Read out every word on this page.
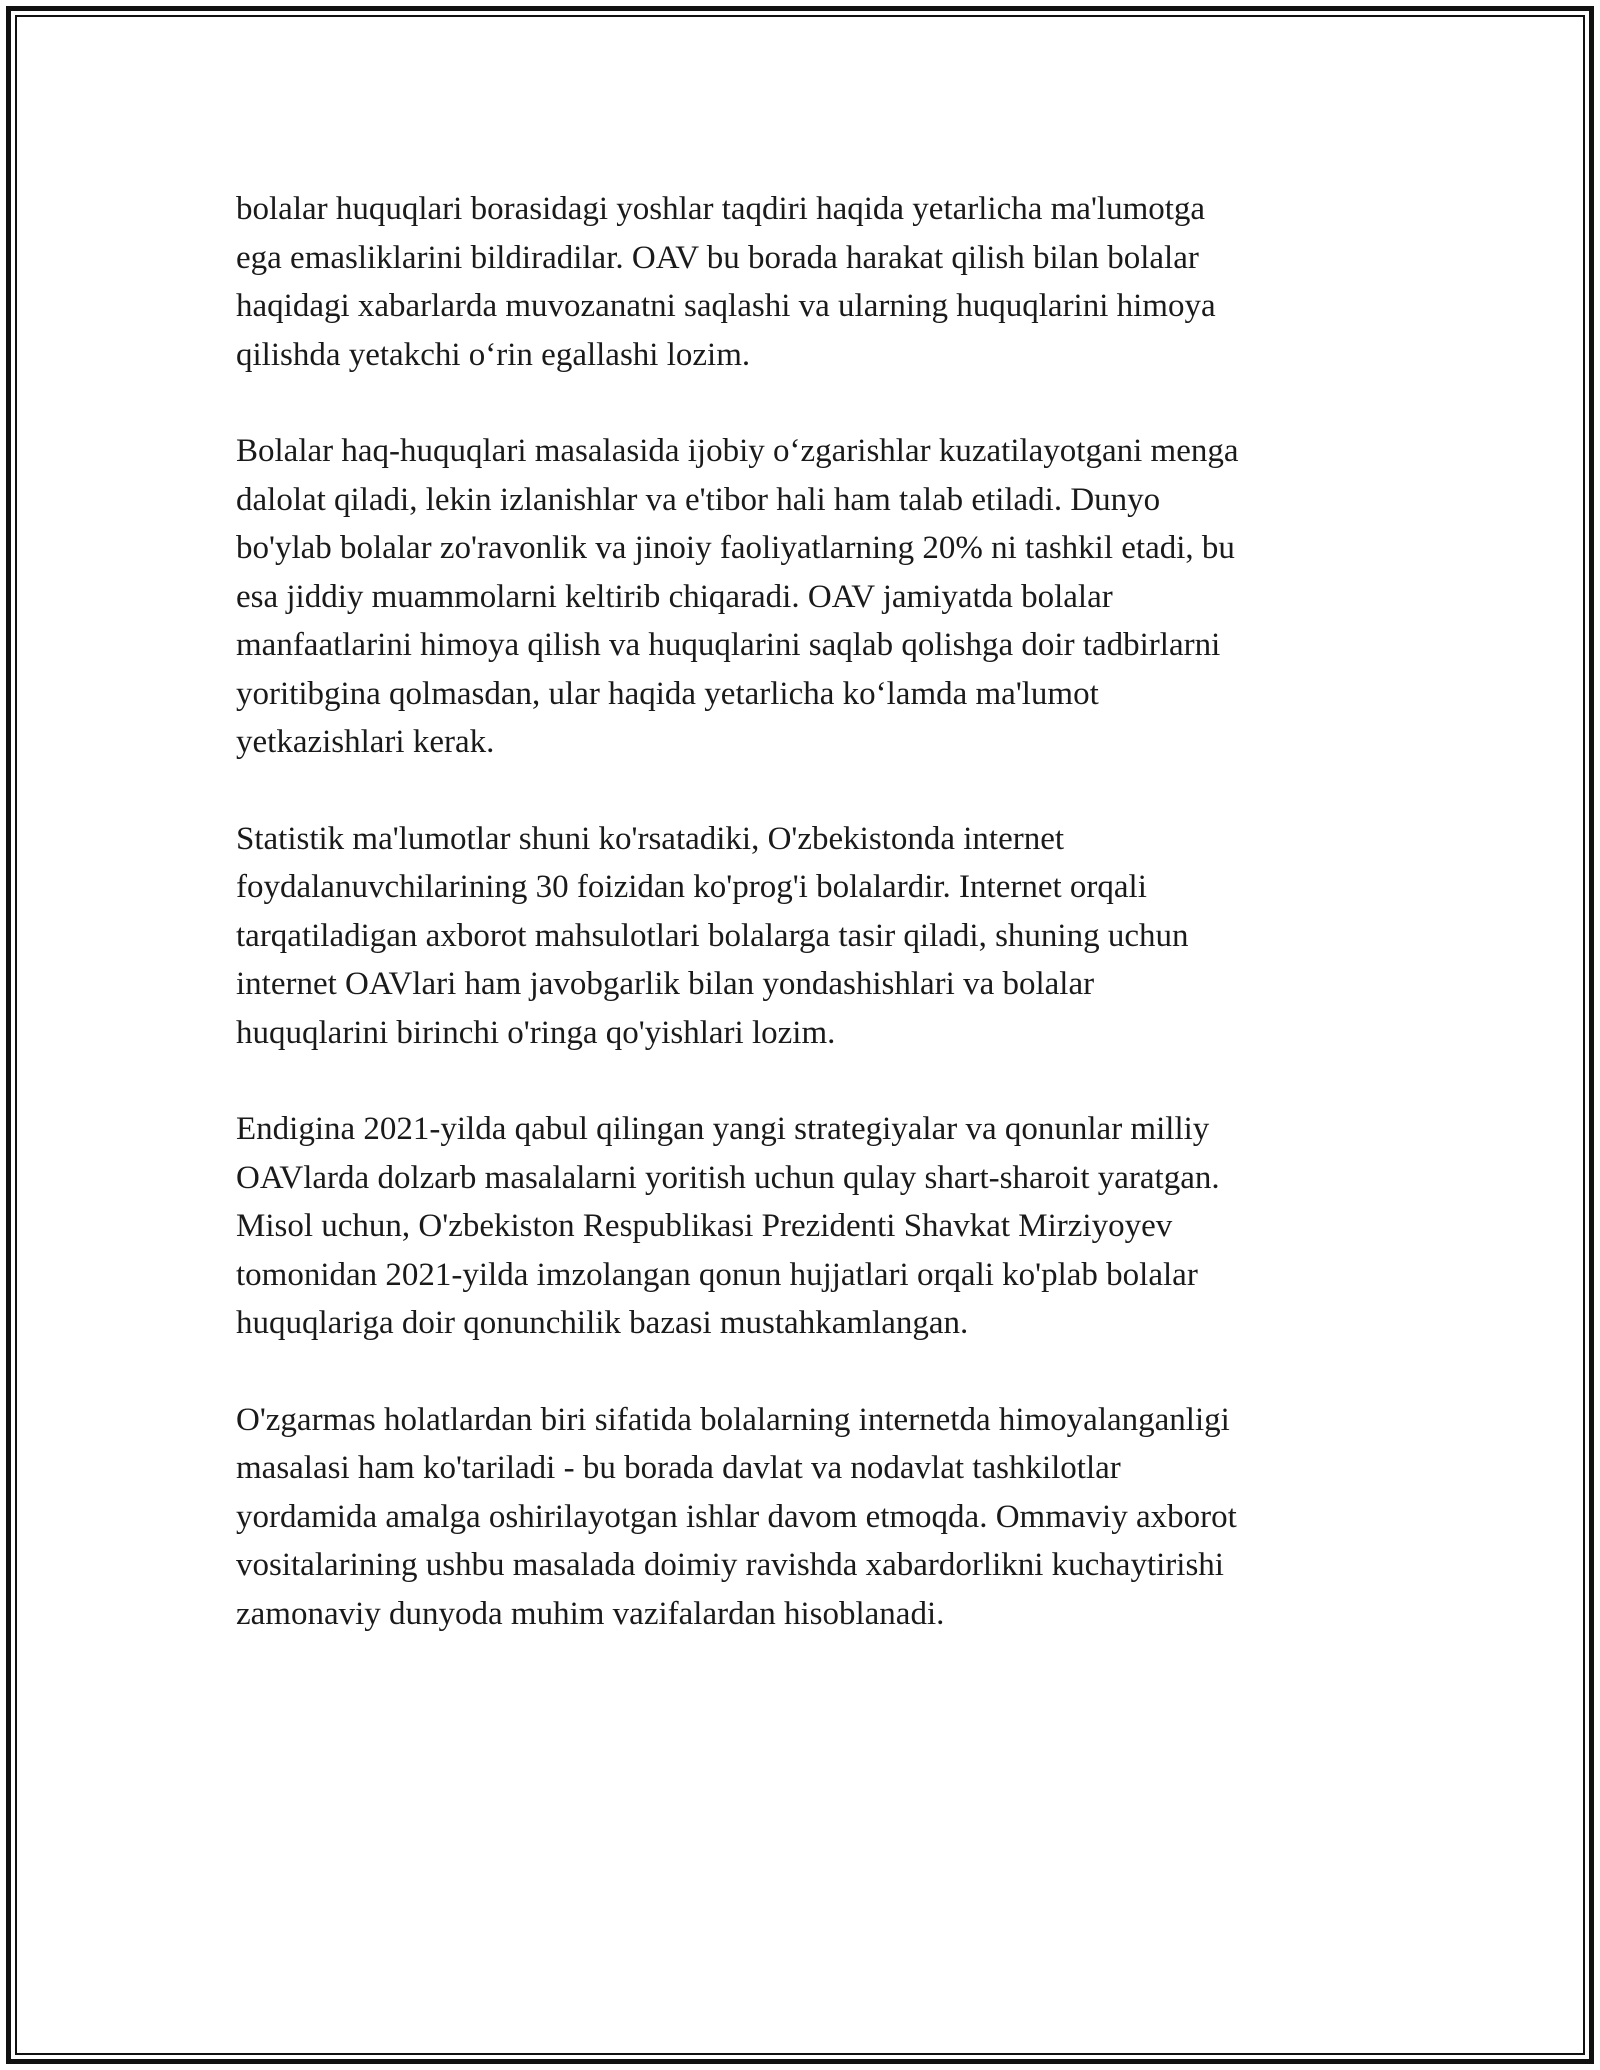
bolalar huquqlari borasidagi yoshlar taqdiri haqida yetarlicha ma'lumotga
ega emasliklarini bildiradilar. OAV bu borada harakat qilish bilan bolalar
haqidagi xabarlarda muvozanatni saqlashi va ularning huquqlarini himoya
qilishda yetakchi o‘rin egallashi lozim.

Bolalar haq-huquqlari masalasida ijobiy o‘zgarishlar kuzatilayotgani menga
dalolat qiladi, lekin izlanishlar va e'tibor hali ham talab etiladi. Dunyo
bo'ylab bolalar zo'ravonlik va jinoiy faoliyatlarning 20% ni tashkil etadi, bu
esa jiddiy muammolarni keltirib chiqaradi. OAV jamiyatda bolalar
manfaatlarini himoya qilish va huquqlarini saqlab qolishga doir tadbirlarni
yoritibgina qolmasdan, ular haqida yetarlicha ko‘lamda ma'lumot
yetkazishlari kerak.

Statistik ma'lumotlar shuni ko'rsatadiki, O'zbekistonda internet
foydalanuvchilarining 30 foizidan ko'prog'i bolalardir. Internet orqali
tarqatiladigan axborot mahsulotlari bolalarga tasir qiladi, shuning uchun
internet OAVlari ham javobgarlik bilan yondashishlari va bolalar
huquqlarini birinchi o'ringa qo'yishlari lozim.

Endigina 2021-yilda qabul qilingan yangi strategiyalar va qonunlar milliy
OAVlarda dolzarb masalalarni yoritish uchun qulay shart-sharoit yaratgan.
Misol uchun, O'zbekiston Respublikasi Prezidenti Shavkat Mirziyoyev
tomonidan 2021-yilda imzolangan qonun hujjatlari orqali ko'plab bolalar
huquqlariga doir qonunchilik bazasi mustahkamlangan.

O'zgarmas holatlardan biri sifatida bolalarning internetda himoyalanganligi
masalasi ham ko'tariladi - bu borada davlat va nodavlat tashkilotlar
yordamida amalga oshirilayotgan ishlar davom etmoqda. Ommaviy axborot
vositalarining ushbu masalada doimiy ravishda xabardorlikni kuchaytirishi
zamonaviy dunyoda muhim vazifalardan hisoblanadi.
